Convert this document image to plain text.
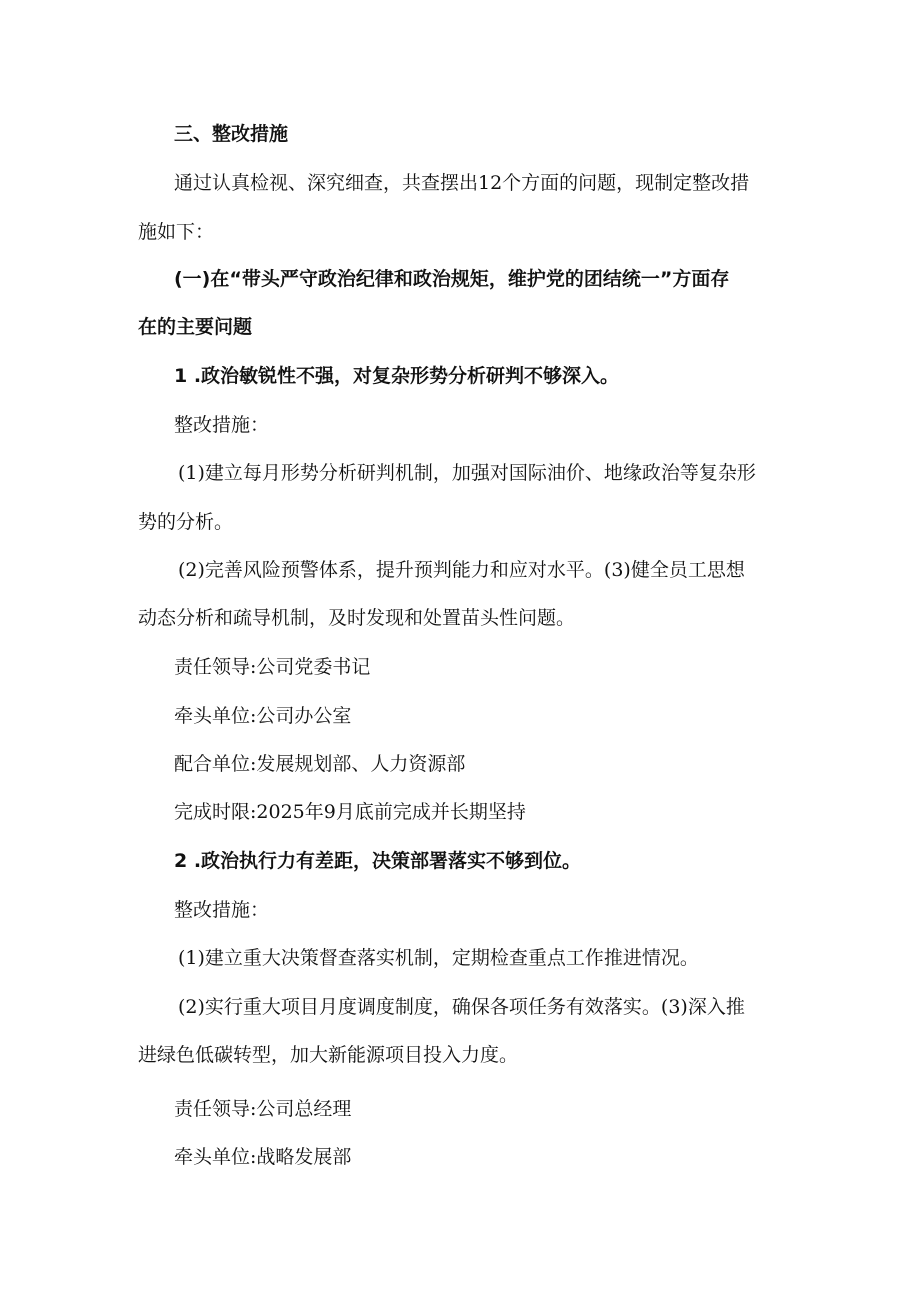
三、整改措施
通过认真检视、深究细查，共查摆出12个方面的问题，现制定整改措
施如下：
(一)在“带头严守政治纪律和政治规矩，维护党的团结统一”方面存
在的主要问题
1 .政治敏锐性不强，对复杂形势分析研判不够深入。
整改措施：
(1)建立每月形势分析研判机制，加强对国际油价、地缘政治等复杂形
势的分析。
(2)完善风险预警体系，提升预判能力和应对水平。(3)健全员工思想
动态分析和疏导机制，及时发现和处置苗头性问题。
责任领导:公司党委书记
牵头单位:公司办公室
配合单位:发展规划部、人力资源部
完成时限:2025年9月底前完成并长期坚持
2 .政治执行力有差距，决策部署落实不够到位。
整改措施：
(1)建立重大决策督查落实机制，定期检查重点工作推进情况。
(2)实行重大项目月度调度制度，确保各项任务有效落实。(3)深入推
进绿色低碳转型，加大新能源项目投入力度。
责任领导:公司总经理
牵头单位:战略发展部
